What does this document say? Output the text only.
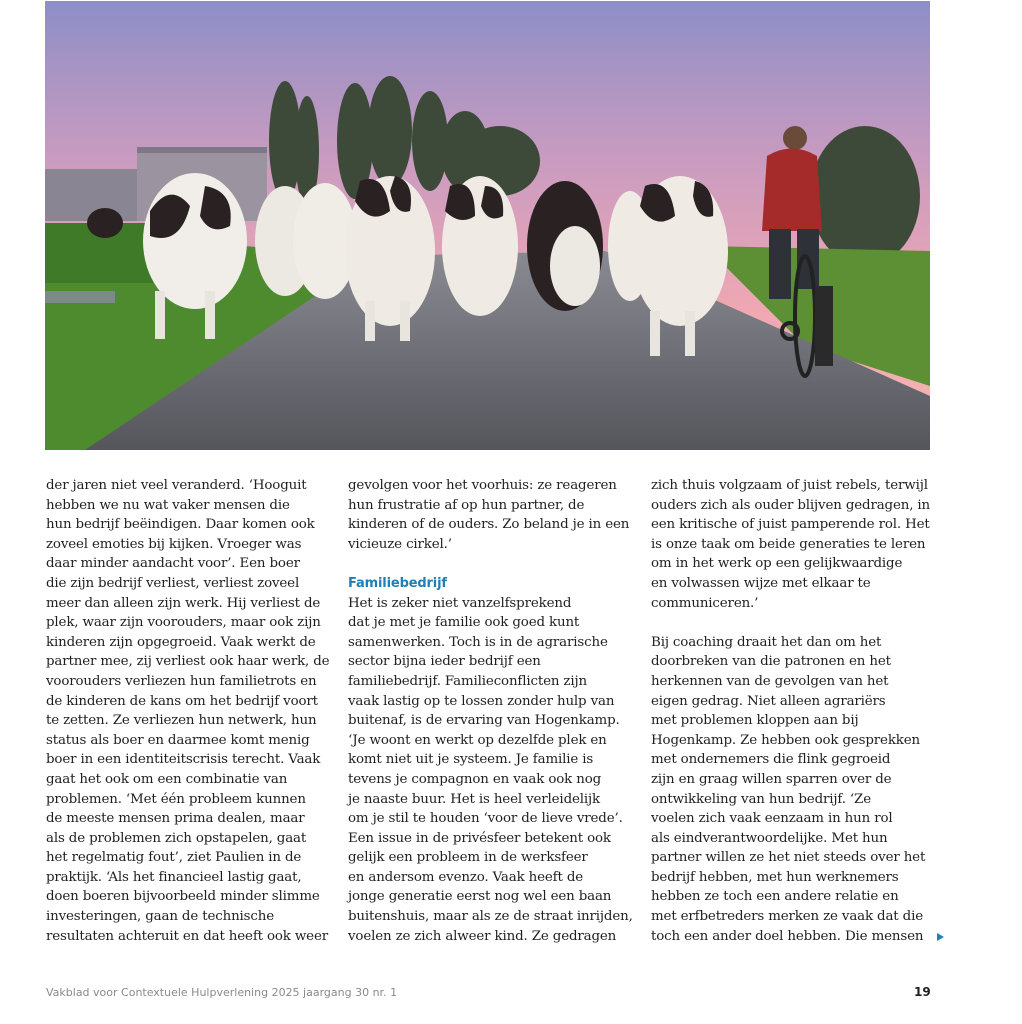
der jaren niet veel veranderd. ‘Hooguit
hebben we nu wat vaker mensen die
hun bedrijf beëindigen. Daar komen ook
zoveel emoties bij kijken. Vroeger was
daar minder aandacht voor’. Een boer
die zijn bedrijf verliest, verliest zoveel
meer dan alleen zijn werk. Hij verliest de
plek, waar zijn voorouders, maar ook zijn
kinderen zijn opgegroeid. Vaak werkt de
partner mee, zij verliest ook haar werk, de
voorouders verliezen hun familietrots en
de kinderen de kans om het bedrijf voort
te zetten. Ze verliezen hun netwerk, hun
status als boer en daarmee komt menig
boer in een identiteitscrisis terecht. Vaak
gaat het ook om een combinatie van
problemen. ‘Met één probleem kunnen
de meeste mensen prima dealen, maar
als de problemen zich opstapelen, gaat
het regelmatig fout’, ziet Paulien in de
praktijk. ‘Als het financieel lastig gaat,
doen boeren bijvoorbeeld minder slimme
investeringen, gaan de technische
resultaten achteruit en dat heeft ook weer
gevolgen voor het voorhuis: ze reageren
hun frustratie af op hun partner, de
kinderen of de ouders. Zo beland je in een
vicieuze cirkel.’
Familiebedrijf
Het is zeker niet vanzelfsprekend
dat je met je familie ook goed kunt
samenwerken. Toch is in de agrarische
sector bijna ieder bedrijf een
familiebedrijf. Familieconflicten zijn
vaak lastig op te lossen zonder hulp van
buitenaf, is de ervaring van Hogenkamp.
‘Je woont en werkt op dezelfde plek en
komt niet uit je systeem. Je familie is
tevens je compagnon en vaak ook nog
je naaste buur. Het is heel verleidelijk
om je stil te houden ‘voor de lieve vrede’.
Een issue in de privésfeer betekent ook
gelijk een probleem in de werksfeer
en andersom evenzo. Vaak heeft de
jonge generatie eerst nog wel een baan
buitenshuis, maar als ze de straat inrijden,
voelen ze zich alweer kind. Ze gedragen
zich thuis volgzaam of juist rebels, terwijl
ouders zich als ouder blijven gedragen, in
een kritische of juist pamperende rol. Het
is onze taak om beide generaties te leren
om in het werk op een gelijkwaardige
en volwassen wijze met elkaar te
communiceren.’
Bij coaching draait het dan om het
doorbreken van die patronen en het
herkennen van de gevolgen van het
eigen gedrag. Niet alleen agrariërs
met problemen kloppen aan bij
Hogenkamp. Ze hebben ook gesprekken
met ondernemers die flink gegroeid
zijn en graag willen sparren over de
ontwikkeling van hun bedrijf. ‘Ze
voelen zich vaak eenzaam in hun rol
als eindverantwoordelijke. Met hun
partner willen ze het niet steeds over het
bedrijf hebben, met hun werknemers
hebben ze toch een andere relatie en
met erfbetreders merken ze vaak dat die
toch een ander doel hebben. Die mensen
Vakblad voor Contextuele Hulpverlening 2025 jaargang 30 nr. 1	19
